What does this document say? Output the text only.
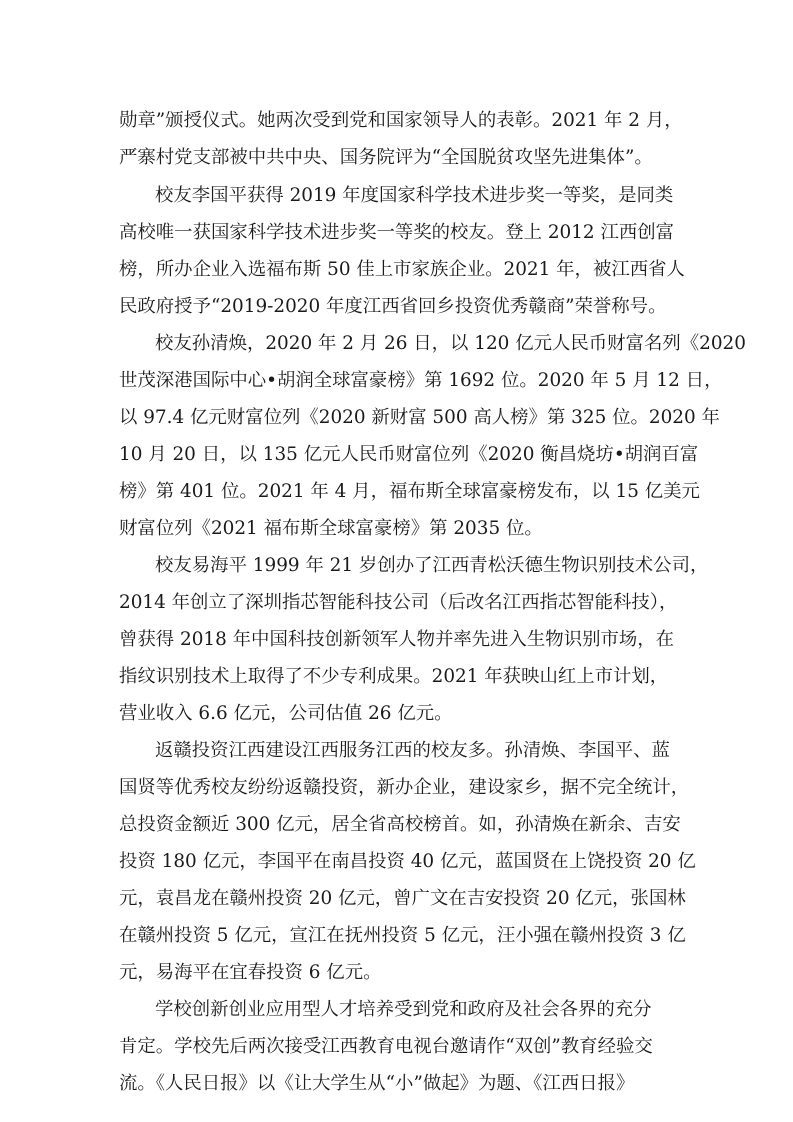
勋章”颁授仪式。她两次受到党和国家领导人的表彰。2021 年 2 月，
严寨村党支部被中共中央、国务院评为“全国脱贫攻坚先进集体”。
校友李国平获得 2019 年度国家科学技术进步奖一等奖，是同类
高校唯一获国家科学技术进步奖一等奖的校友。登上 2012 江西创富
榜，所办企业入选福布斯 50 佳上市家族企业。2021 年，被江西省人
民政府授予“2019-2020 年度江西省回乡投资优秀赣商”荣誉称号。
校友孙清焕，2020 年 2 月 26 日，以 120 亿元人民币财富名列《2020
世茂深港国际中心•胡润全球富豪榜》第 1692 位。2020 年 5 月 12 日，
以 97.4 亿元财富位列《2020 新财富 500 高人榜》第 325 位。2020 年
10 月 20 日，以 135 亿元人民币财富位列《2020 衡昌烧坊•胡润百富
榜》第 401 位。2021 年 4 月，福布斯全球富豪榜发布，以 15 亿美元
财富位列《2021 福布斯全球富豪榜》第 2035 位。
校友易海平 1999 年 21 岁创办了江西青松沃德生物识别技术公司，
2014 年创立了深圳指芯智能科技公司（后改名江西指芯智能科技），
曾获得 2018 年中国科技创新领军人物并率先进入生物识别市场，在
指纹识别技术上取得了不少专利成果。2021 年获映山红上市计划，
营业收入 6.6 亿元，公司估值 26 亿元。
返赣投资江西建设江西服务江西的校友多。孙清焕、李国平、蓝
国贤等优秀校友纷纷返赣投资，新办企业，建设家乡，据不完全统计，
总投资金额近 300 亿元，居全省高校榜首。如，孙清焕在新余、吉安
投资 180 亿元，李国平在南昌投资 40 亿元，蓝国贤在上饶投资 20 亿
元，袁昌龙在赣州投资 20 亿元，曾广文在吉安投资 20 亿元，张国林
在赣州投资 5 亿元，宣江在抚州投资 5 亿元，汪小强在赣州投资 3 亿
元，易海平在宜春投资 6 亿元。
学校创新创业应用型人才培养受到党和政府及社会各界的充分
肯定。学校先后两次接受江西教育电视台邀请作“双创”教育经验交
流。《人民日报》以《让大学生从“小”做起》为题、《江西日报》
